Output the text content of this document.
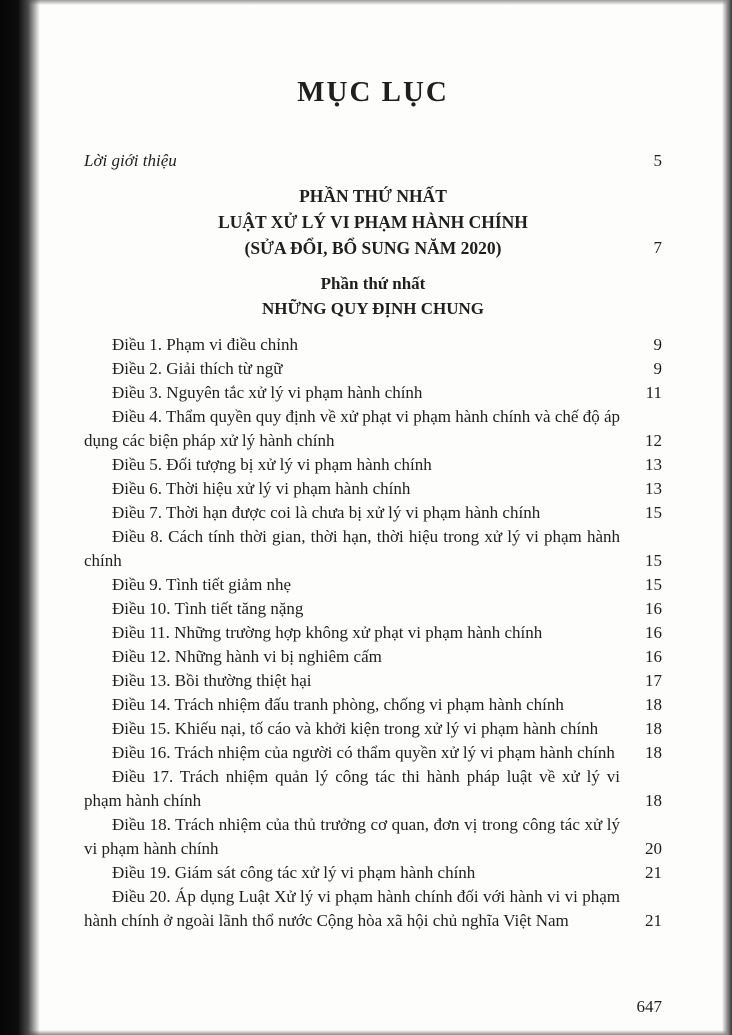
MỤC LỤC
Lời giới thiệu	5
PHẦN THỨ NHẤT
LUẬT XỬ LÝ VI PHẠM HÀNH CHÍNH
(SỬA ĐỔI, BỔ SUNG NĂM 2020)	7
Phần thứ nhất
NHỮNG QUY ĐỊNH CHUNG
Điều 1. Phạm vi điều chỉnh	9
Điều 2. Giải thích từ ngữ	9
Điều 3. Nguyên tắc xử lý vi phạm hành chính	11
Điều 4. Thẩm quyền quy định về xử phạt vi phạm hành chính và chế độ áp dụng các biện pháp xử lý hành chính	12
Điều 5. Đối tượng bị xử lý vi phạm hành chính	13
Điều 6. Thời hiệu xử lý vi phạm hành chính	13
Điều 7. Thời hạn được coi là chưa bị xử lý vi phạm hành chính	15
Điều 8. Cách tính thời gian, thời hạn, thời hiệu trong xử lý vi phạm hành chính	15
Điều 9. Tình tiết giảm nhẹ	15
Điều 10. Tình tiết tăng nặng	16
Điều 11. Những trường hợp không xử phạt vi phạm hành chính	16
Điều 12. Những hành vi bị nghiêm cấm	16
Điều 13. Bồi thường thiệt hại	17
Điều 14. Trách nhiệm đấu tranh phòng, chống vi phạm hành chính	18
Điều 15. Khiếu nại, tố cáo và khởi kiện trong xử lý vi phạm hành chính	18
Điều 16. Trách nhiệm của người có thẩm quyền xử lý vi phạm hành chính	18
Điều 17. Trách nhiệm quản lý công tác thi hành pháp luật về xử lý vi phạm hành chính	18
Điều 18. Trách nhiệm của thủ trưởng cơ quan, đơn vị trong công tác xử lý vi phạm hành chính	20
Điều 19. Giám sát công tác xử lý vi phạm hành chính	21
Điều 20. Áp dụng Luật Xử lý vi phạm hành chính đối với hành vi vi phạm hành chính ở ngoài lãnh thổ nước Cộng hòa xã hội chủ nghĩa Việt Nam	21
647
